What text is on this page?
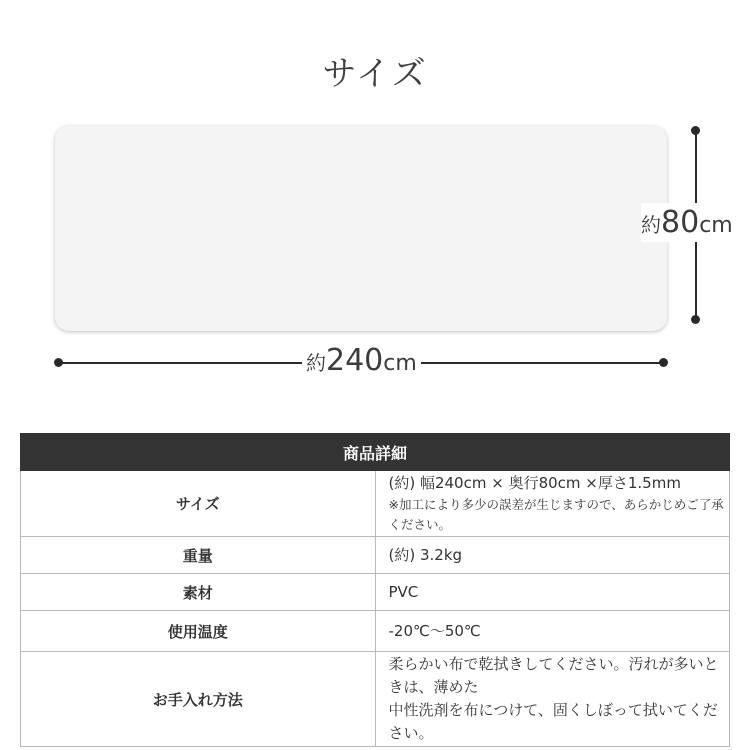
サイズ
約80cm
約240cm
商品詳細	
サイズ	(約) 幅240cm × 奥行80cm ×厚さ1.5mm
※加工により多少の誤差が生じますので、あらかじめご了承ください。

重量	(約) 3.2kg
素材	PVC
使用温度	-20℃〜50℃
お手入れ方法	柔らかい布で乾拭きしてください。汚れが多いときは、薄めた
中性洗剤を布につけて、固くしぼって拭いてください。
